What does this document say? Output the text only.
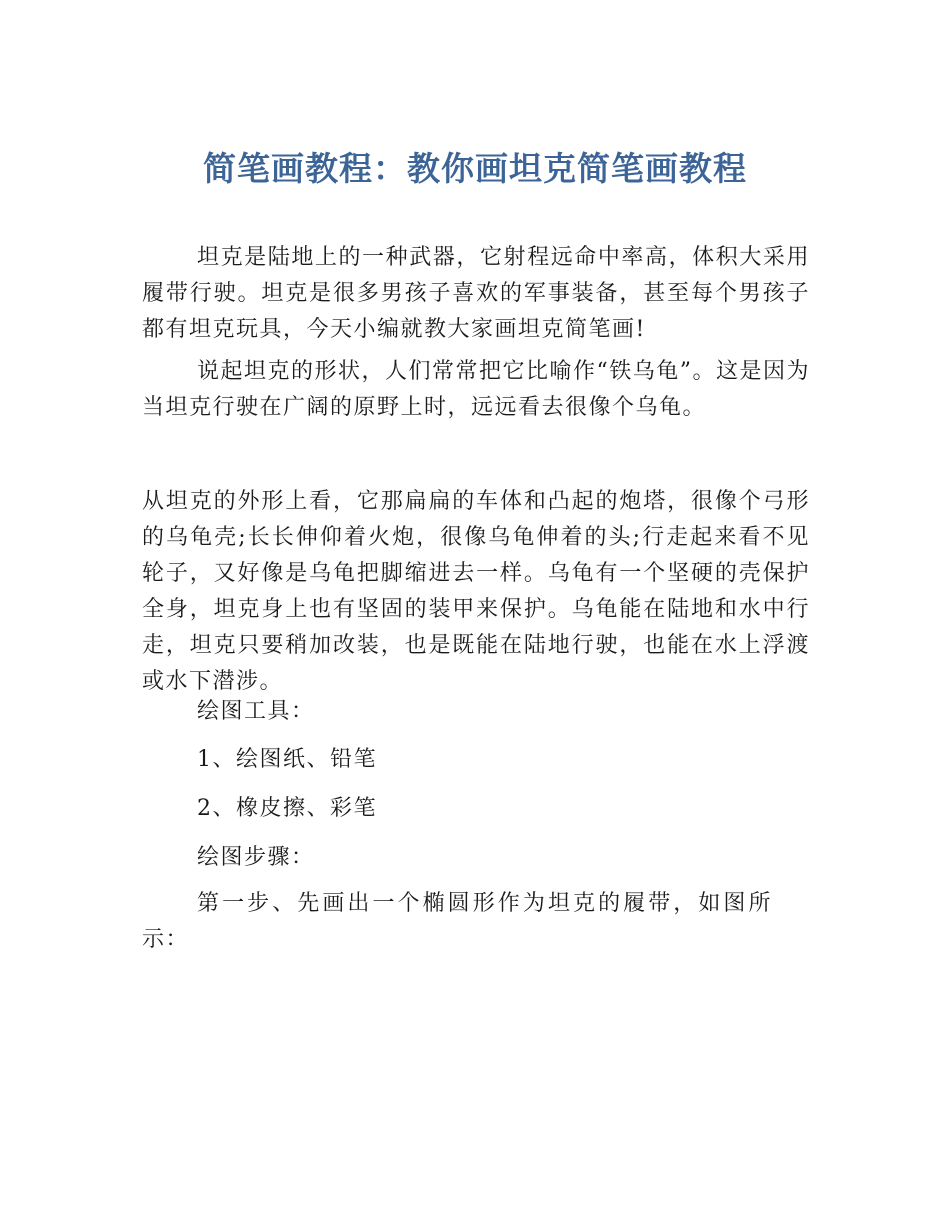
简笔画教程：教你画坦克简笔画教程

坦克是陆地上的一种武器，它射程远命中率高，体积大采用履带行驶。坦克是很多男孩子喜欢的军事装备，甚至每个男孩子都有坦克玩具，今天小编就教大家画坦克简笔画!

说起坦克的形状，人们常常把它比喻作“铁乌龟”。这是因为当坦克行驶在广阔的原野上时，远远看去很像个乌龟。

从坦克的外形上看，它那扁扁的车体和凸起的炮塔，很像个弓形的乌龟壳;长长伸仰着火炮，很像乌龟伸着的头;行走起来看不见轮子，又好像是乌龟把脚缩进去一样。乌龟有一个坚硬的壳保护全身，坦克身上也有坚固的装甲来保护。乌龟能在陆地和水中行走，坦克只要稍加改装，也是既能在陆地行驶，也能在水上浮渡或水下潜涉。

绘图工具：

1、绘图纸、铅笔

2、橡皮擦、彩笔

绘图步骤：

第一步、先画出一个椭圆形作为坦克的履带，如图所示：
